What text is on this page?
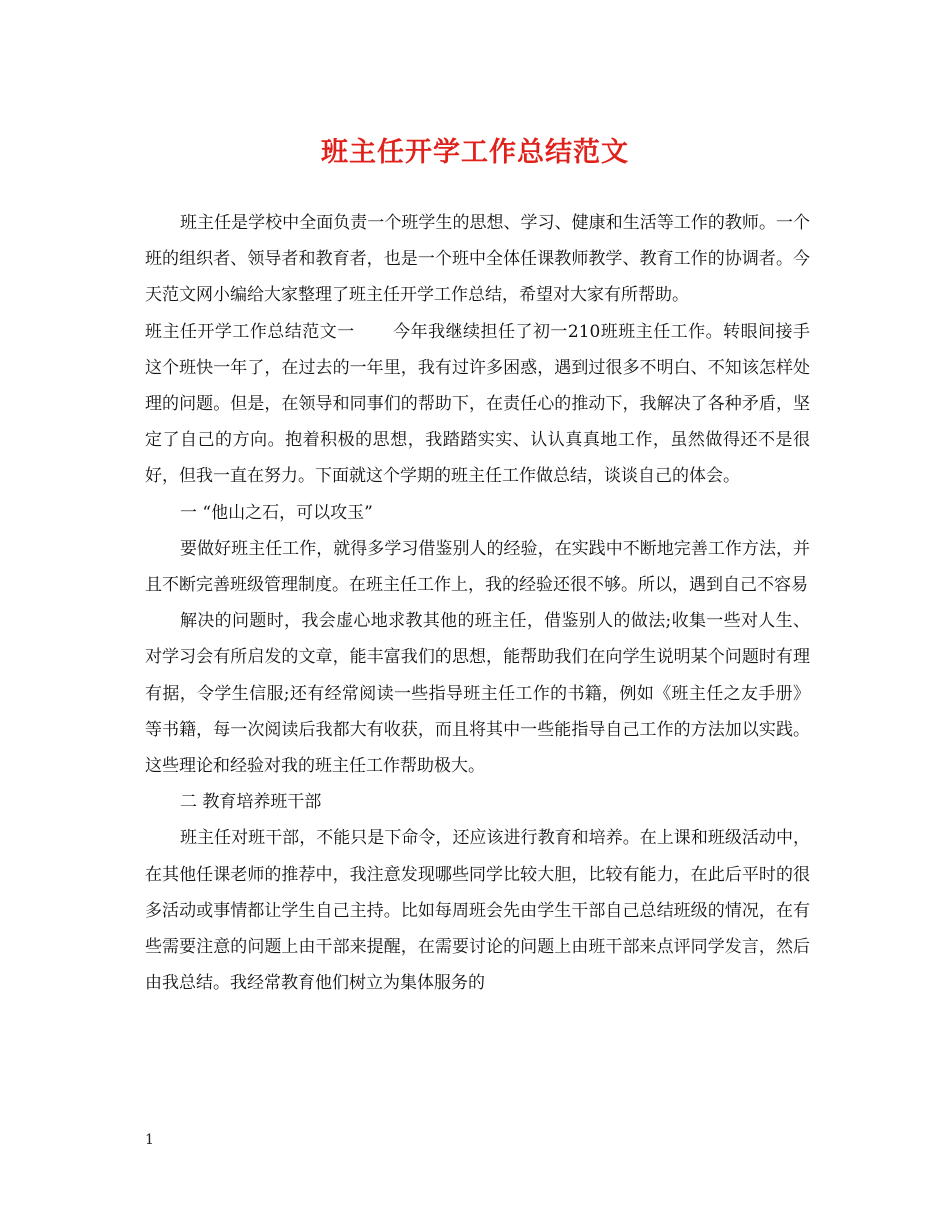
班主任开学工作总结范文

班主任是学校中全面负责一个班学生的思想、学习、健康和生活等工作的教师。一个班的组织者、领导者和教育者，也是一个班中全体任课教师教学、教育工作的协调者。今天范文网小编给大家整理了班主任开学工作总结，希望对大家有所帮助。

班主任开学工作总结范文一 今年我继续担任了初一210班班主任工作。转眼间接手这个班快一年了，在过去的一年里，我有过许多困惑，遇到过很多不明白、不知该怎样处理的问题。但是，在领导和同事们的帮助下，在责任心的推动下，我解决了各种矛盾，坚定了自己的方向。抱着积极的思想，我踏踏实实、认认真真地工作，虽然做得还不是很好，但我一直在努力。下面就这个学期的班主任工作做总结，谈谈自己的体会。

一 “他山之石，可以攻玉”

要做好班主任工作，就得多学习借鉴别人的经验，在实践中不断地完善工作方法，并且不断完善班级管理制度。在班主任工作上，我的经验还很不够。所以，遇到自己不容易

解决的问题时，我会虚心地求教其他的班主任，借鉴别人的做法;收集一些对人生、对学习会有所启发的文章，能丰富我们的思想，能帮助我们在向学生说明某个问题时有理有据，令学生信服;还有经常阅读一些指导班主任工作的书籍，例如《班主任之友手册》等书籍，每一次阅读后我都大有收获，而且将其中一些能指导自己工作的方法加以实践。这些理论和经验对我的班主任工作帮助极大。

二 教育培养班干部

班主任对班干部，不能只是下命令，还应该进行教育和培养。在上课和班级活动中，在其他任课老师的推荐中，我注意发现哪些同学比较大胆，比较有能力，在此后平时的很多活动或事情都让学生自己主持。比如每周班会先由学生干部自己总结班级的情况，在有些需要注意的问题上由干部来提醒，在需要讨论的问题上由班干部来点评同学发言，然后由我总结。我经常教育他们树立为集体服务的

1
